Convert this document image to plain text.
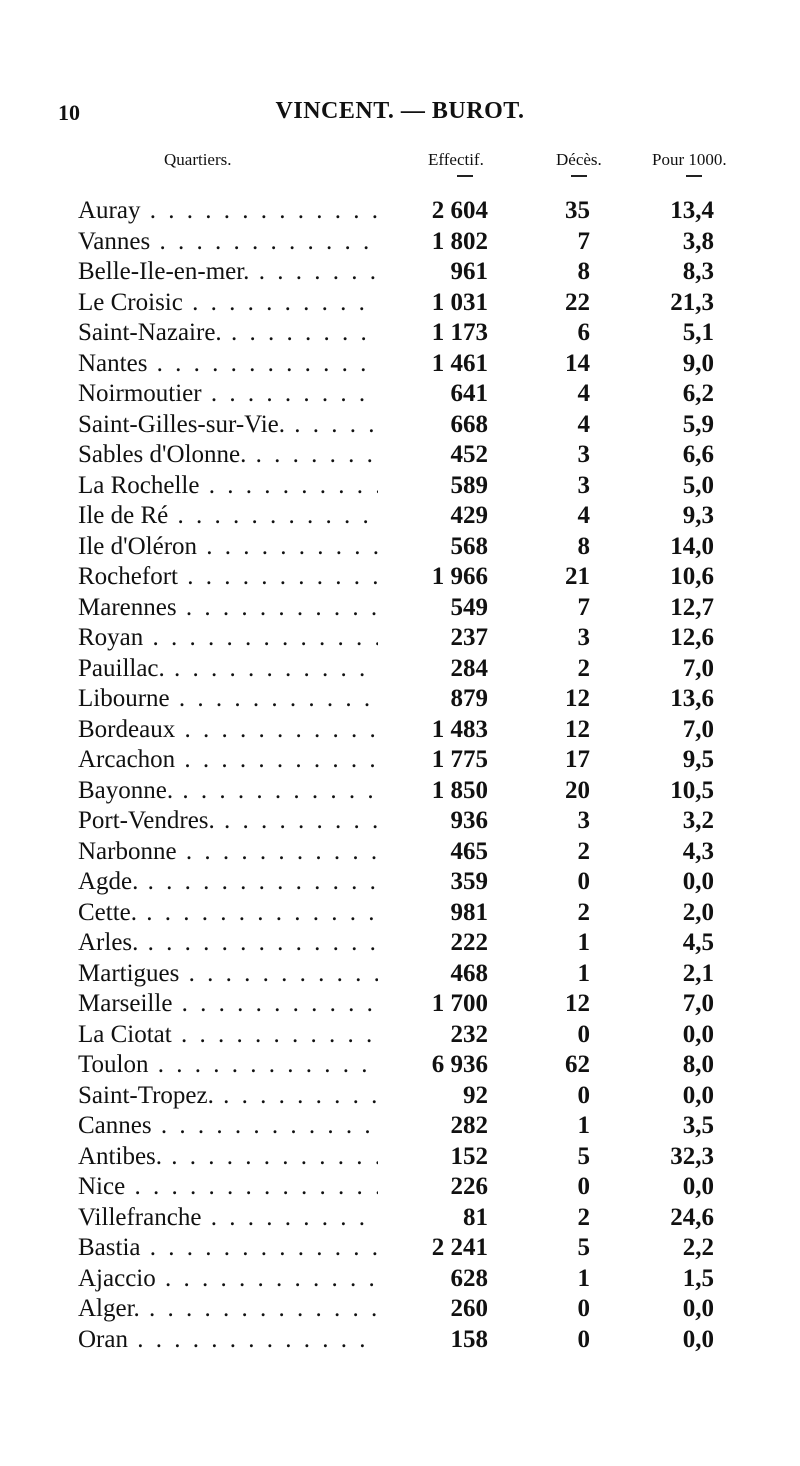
10	VINCENT. — BUROT.
Quartiers.	Effectif.	Décès.	Pour 1000.
Auray . . .	2 604	35	13,4
Vannes . . .	1 802	7	3,8
Belle-Ile-en-mer. . . .	961	8	8,3
Le Croisic . . .	1 031	22	21,3
Saint-Nazaire. . . .	1 173	6	5,1
Nantes . . .	1 461	14	9,0
Noirmoutier . . .	641	4	6,2
Saint-Gilles-sur-Vie. . . .	668	4	5,9
Sables d'Olonne. . . .	452	3	6,6
La Rochelle . . .	589	3	5,0
Ile de Ré . . .	429	4	9,3
Ile d'Oléron . . .	568	8	14,0
Rochefort . . .	1 966	21	10,6
Marennes . . .	549	7	12,7
Royan . . .	237	3	12,6
Pauillac. . . .	284	2	7,0
Libourne . . .	879	12	13,6
Bordeaux . . .	1 483	12	7,0
Arcachon . . .	1 775	17	9,5
Bayonne. . . .	1 850	20	10,5
Port-Vendres. . . .	936	3	3,2
Narbonne . . .	465	2	4,3
Agde. . . .	359	0	0,0
Cette. . . .	981	2	2,0
Arles. . . .	222	1	4,5
Martigues . . .	468	1	2,1
Marseille . . .	1 700	12	7,0
La Ciotat . . .	232	0	0,0
Toulon . . .	6 936	62	8,0
Saint-Tropez. . . .	92	0	0,0
Cannes . . .	282	1	3,5
Antibes. . . .	152	5	32,3
Nice . . .	226	0	0,0
Villefranche . . .	81	2	24,6
Bastia . . .	2 241	5	2,2
Ajaccio . . .	628	1	1,5
Alger. . . .	260	0	0,0
Oran . . .	158	0	0,0
